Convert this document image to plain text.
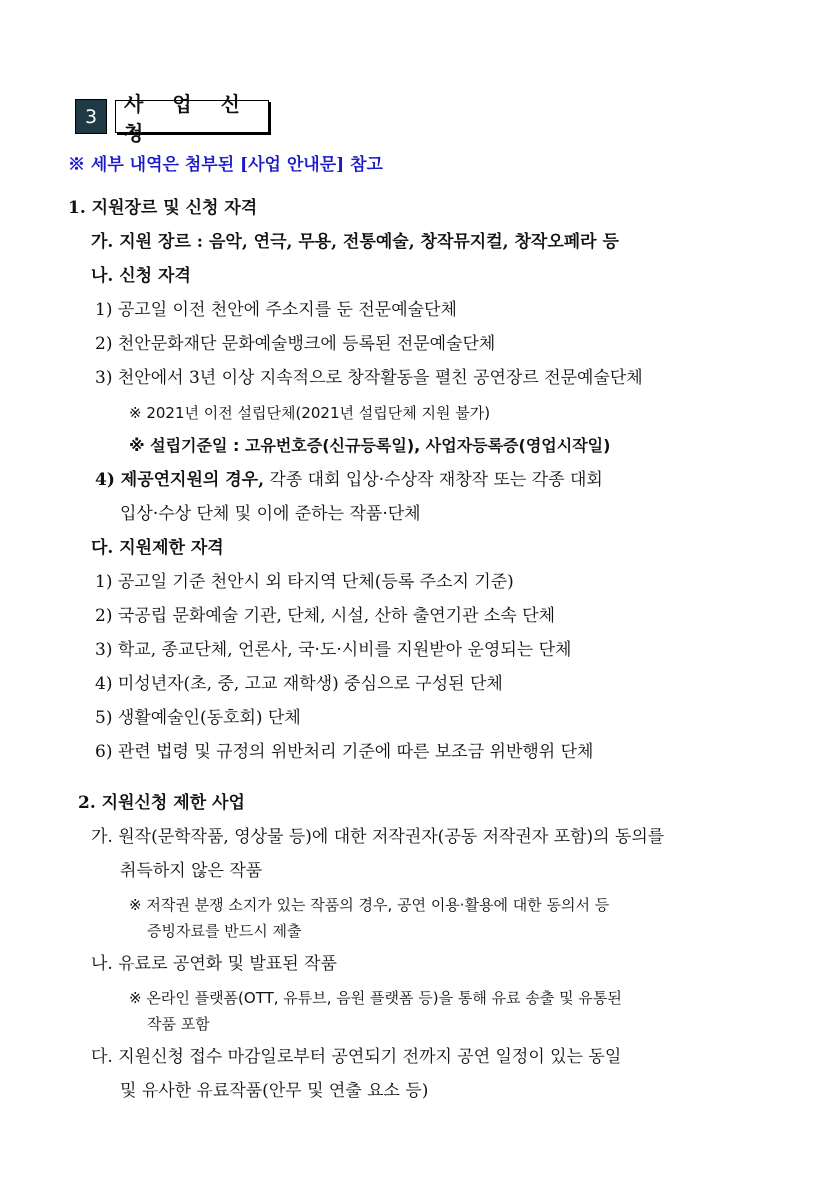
3
사 업 신 청
※ 세부 내역은 첨부된 [사업 안내문] 참고
1. 지원장르 및 신청 자격
가. 지원 장르 : 음악, 연극, 무용, 전통예술, 창작뮤지컬, 창작오페라 등
나. 신청 자격
1) 공고일 이전 천안에 주소지를 둔 전문예술단체
2) 천안문화재단 문화예술뱅크에 등록된 전문예술단체
3) 천안에서 3년 이상 지속적으로 창작활동을 펼친 공연장르 전문예술단체
※ 2021년 이전 설립단체(2021년 설립단체 지원 불가)
※ 설립기준일 : 고유번호증(신규등록일), 사업자등록증(영업시작일)
4) 제공연지원의 경우, 각종 대회 입상·수상작 재창작 또는 각종 대회
입상·수상 단체 및 이에 준하는 작품·단체
다. 지원제한 자격
1) 공고일 기준 천안시 외 타지역 단체(등록 주소지 기준)
2) 국공립 문화예술 기관, 단체, 시설, 산하 출연기관 소속 단체
3) 학교, 종교단체, 언론사, 국·도·시비를 지원받아 운영되는 단체
4) 미성년자(초, 중, 고교 재학생) 중심으로 구성된 단체
5) 생활예술인(동호회) 단체
6) 관련 법령 및 규정의 위반처리 기준에 따른 보조금 위반행위 단체
2. 지원신청 제한 사업
가. 원작(문학작품, 영상물 등)에 대한 저작권자(공동 저작권자 포함)의 동의를
취득하지 않은 작품
※ 저작권 분쟁 소지가 있는 작품의 경우, 공연 이용·활용에 대한 동의서 등
증빙자료를 반드시 제출
나. 유료로 공연화 및 발표된 작품
※ 온라인 플랫폼(OTT, 유튜브, 음원 플랫폼 등)을 통해 유료 송출 및 유통된
작품 포함
다. 지원신청 접수 마감일로부터 공연되기 전까지 공연 일정이 있는 동일
및 유사한 유료작품(안무 및 연출 요소 등)
